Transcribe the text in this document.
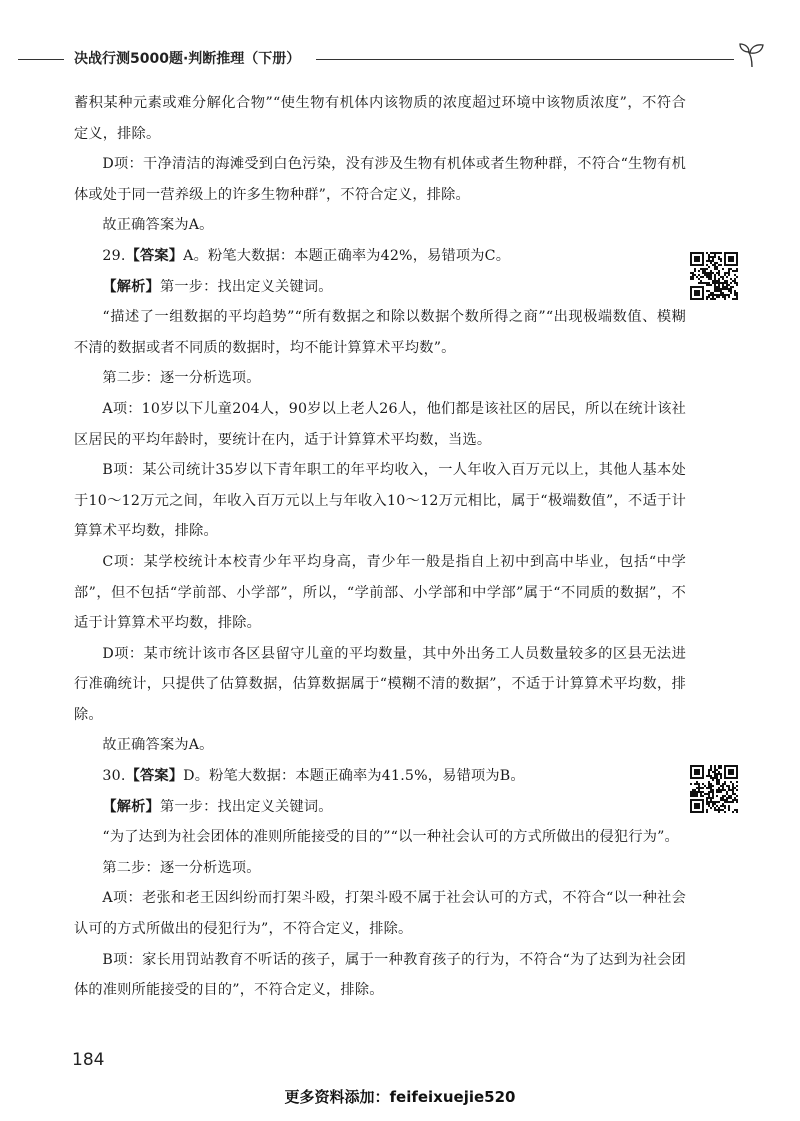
决战行测5000题·判断推理（下册）

蓄积某种元素或难分解化合物”“使生物有机体内该物质的浓度超过环境中该物质浓度”，不符合定义，排除。

D项：干净清洁的海滩受到白色污染，没有涉及生物有机体或者生物种群，不符合“生物有机体或处于同一营养级上的许多生物种群”，不符合定义，排除。

故正确答案为A。

29.【答案】A。粉笔大数据：本题正确率为42%，易错项为C。

【解析】第一步：找出定义关键词。

“描述了一组数据的平均趋势”“所有数据之和除以数据个数所得之商”“出现极端数值、模糊不清的数据或者不同质的数据时，均不能计算算术平均数”。

第二步：逐一分析选项。

A项：10岁以下儿童204人，90岁以上老人26人，他们都是该社区的居民，所以在统计该社区居民的平均年龄时，要统计在内，适于计算算术平均数，当选。

B项：某公司统计35岁以下青年职工的年平均收入，一人年收入百万元以上，其他人基本处于10～12万元之间，年收入百万元以上与年收入10～12万元相比，属于“极端数值”，不适于计算算术平均数，排除。

C项：某学校统计本校青少年平均身高，青少年一般是指自上初中到高中毕业，包括“中学部”，但不包括“学前部、小学部”，所以，“学前部、小学部和中学部”属于“不同质的数据”，不适于计算算术平均数，排除。

D项：某市统计该市各区县留守儿童的平均数量，其中外出务工人员数量较多的区县无法进行准确统计，只提供了估算数据，估算数据属于“模糊不清的数据”，不适于计算算术平均数，排除。

故正确答案为A。

30.【答案】D。粉笔大数据：本题正确率为41.5%，易错项为B。

【解析】第一步：找出定义关键词。

“为了达到为社会团体的准则所能接受的目的”“以一种社会认可的方式所做出的侵犯行为”。

第二步：逐一分析选项。

A项：老张和老王因纠纷而打架斗殴，打架斗殴不属于社会认可的方式，不符合“以一种社会认可的方式所做出的侵犯行为”，不符合定义，排除。

B项：家长用罚站教育不听话的孩子，属于一种教育孩子的行为，不符合“为了达到为社会团体的准则所能接受的目的”，不符合定义，排除。

184
更多资料添加：feifeixuejie520
